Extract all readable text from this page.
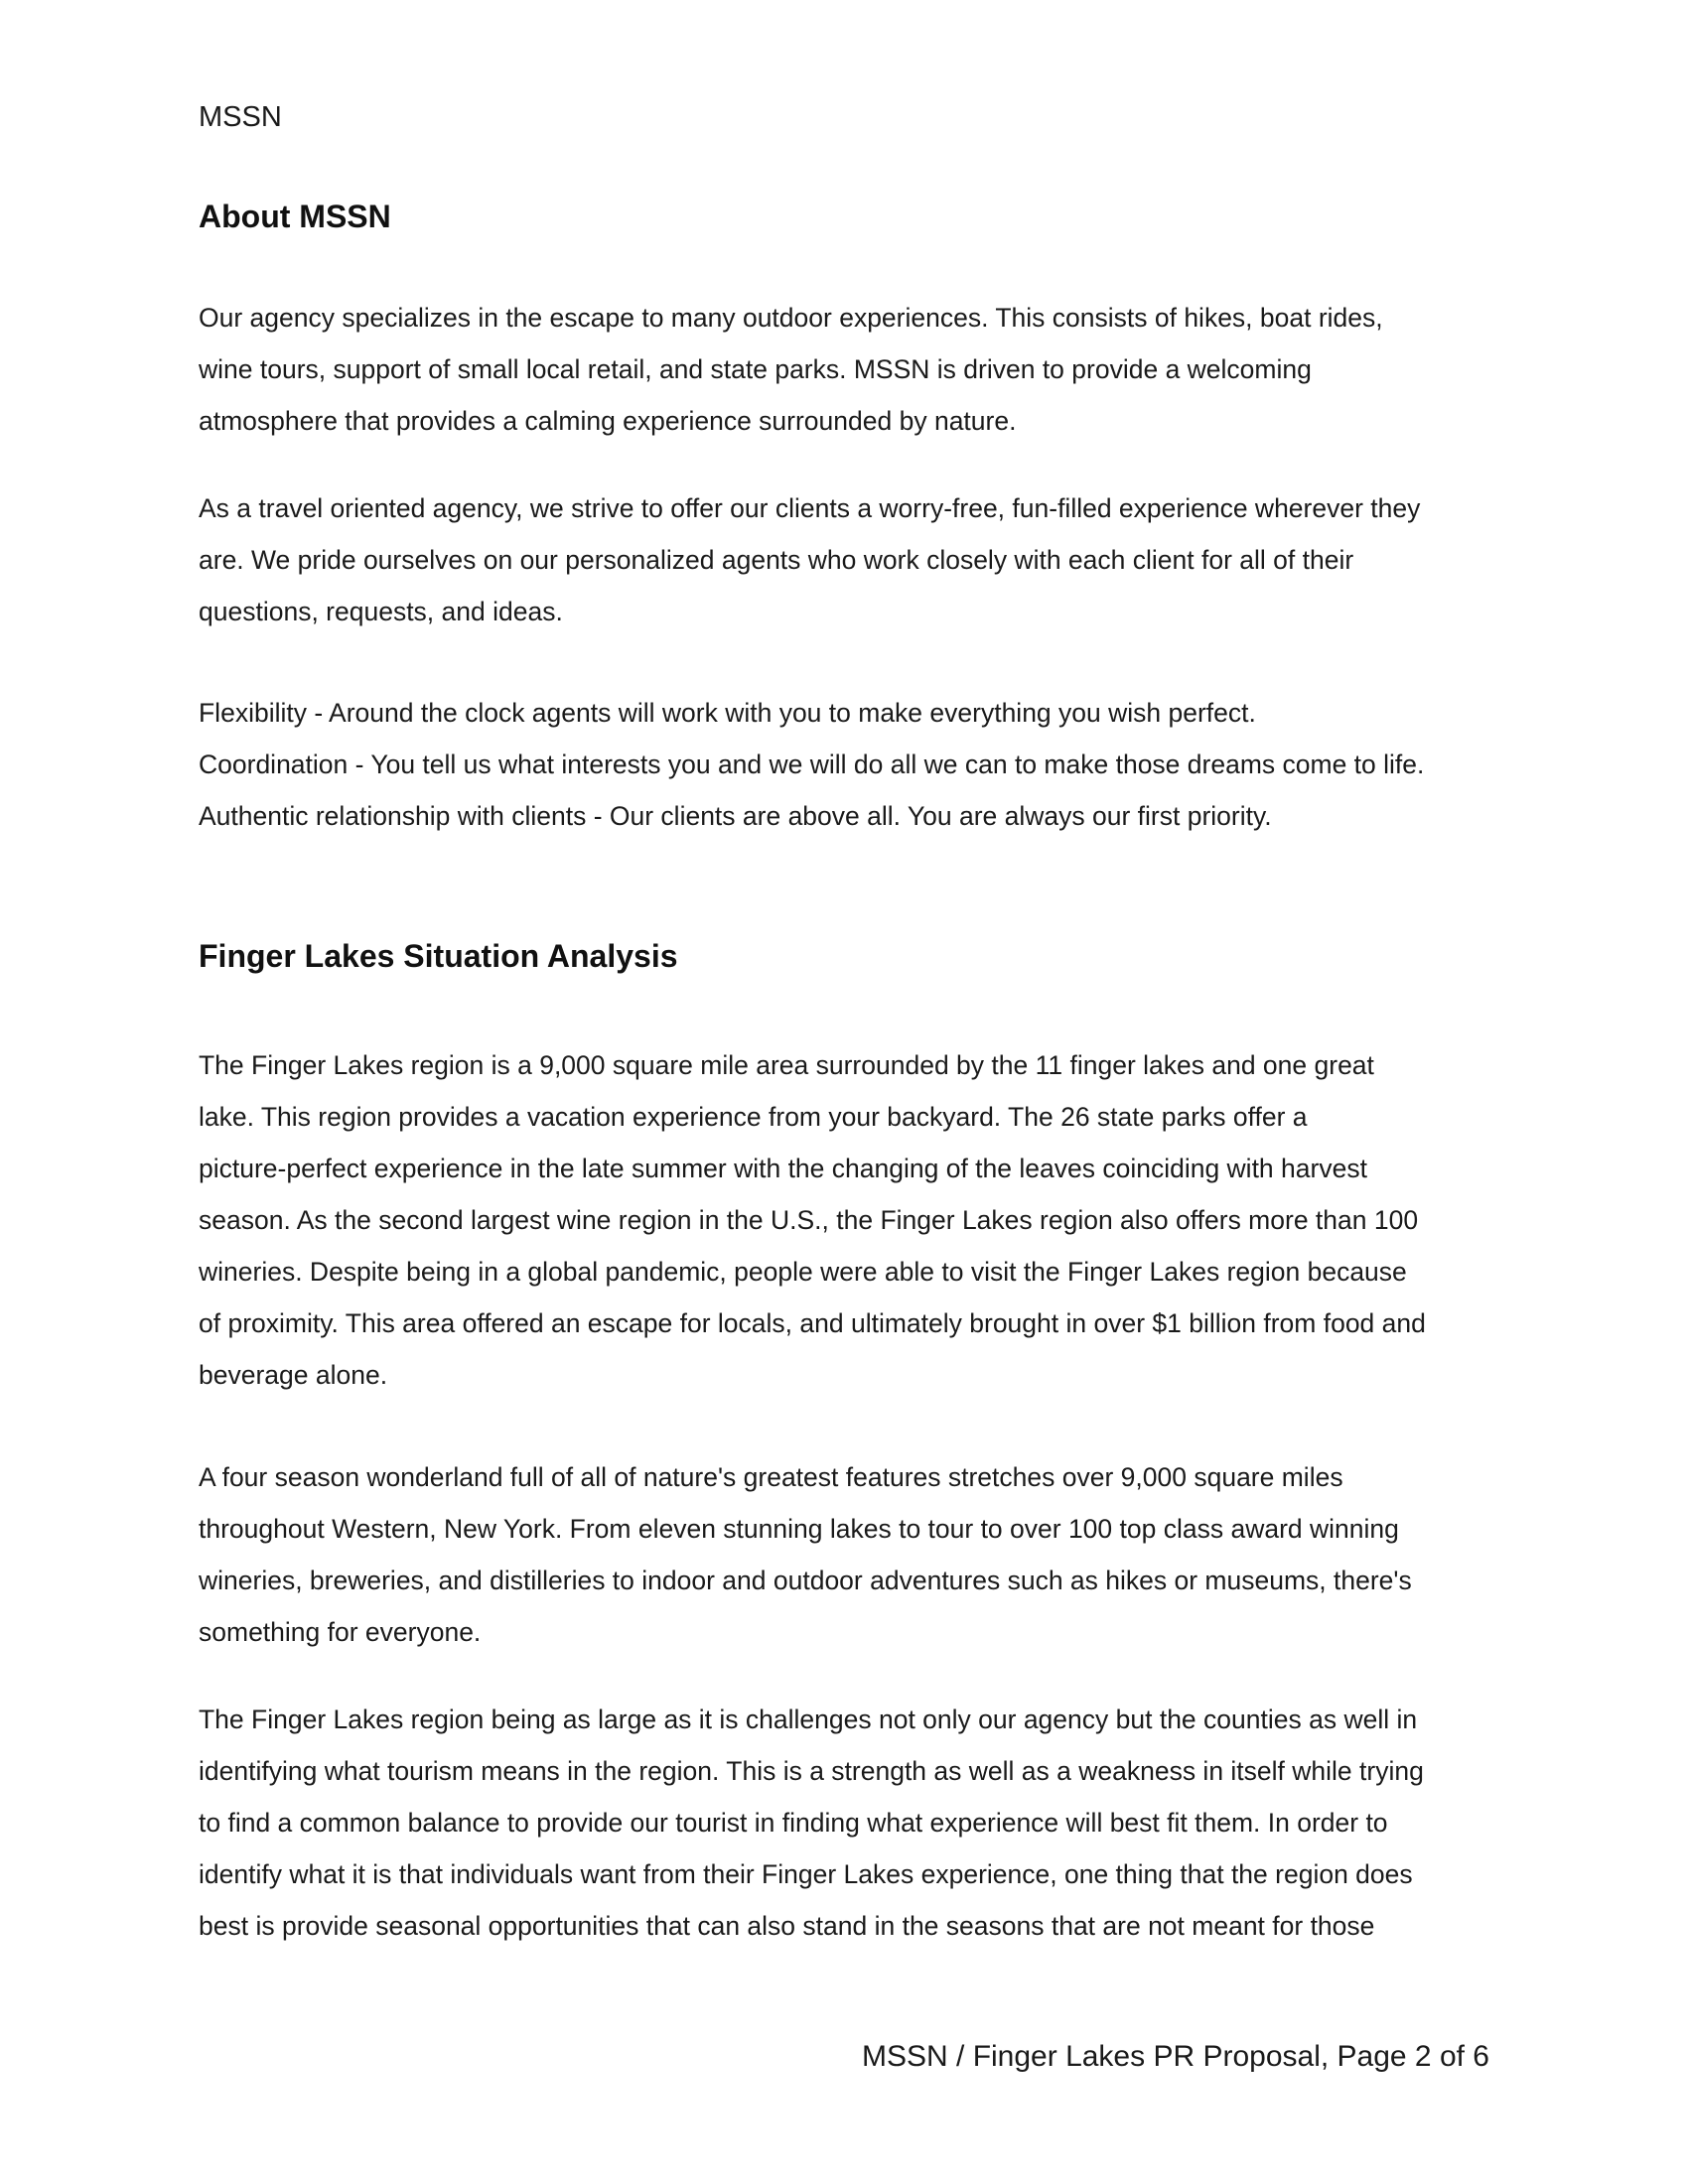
MSSN

About MSSN

Our agency specializes in the escape to many outdoor experiences. This consists of hikes, boat rides,
wine tours, support of small local retail, and state parks. MSSN is driven to provide a welcoming
atmosphere that provides a calming experience surrounded by nature.

As a travel oriented agency, we strive to offer our clients a worry-free, fun-filled experience wherever they
are. We pride ourselves on our personalized agents who work closely with each client for all of their
questions, requests, and ideas.

Flexibility - Around the clock agents will work with you to make everything you wish perfect.
Coordination - You tell us what interests you and we will do all we can to make those dreams come to life.
Authentic relationship with clients - Our clients are above all. You are always our first priority.

Finger Lakes Situation Analysis

The Finger Lakes region is a 9,000 square mile area surrounded by the 11 finger lakes and one great
lake. This region provides a vacation experience from your backyard. The 26 state parks offer a
picture-perfect experience in the late summer with the changing of the leaves coinciding with harvest
season. As the second largest wine region in the U.S., the Finger Lakes region also offers more than 100
wineries. Despite being in a global pandemic, people were able to visit the Finger Lakes region because
of proximity. This area offered an escape for locals, and ultimately brought in over $1 billion from food and
beverage alone.

A four season wonderland full of all of nature's greatest features stretches over 9,000 square miles
throughout Western, New York. From eleven stunning lakes to tour to over 100 top class award winning
wineries, breweries, and distilleries to indoor and outdoor adventures such as hikes or museums, there's
something for everyone.

The Finger Lakes region being as large as it is challenges not only our agency but the counties as well in
identifying what tourism means in the region. This is a strength as well as a weakness in itself while trying
to find a common balance to provide our tourist in finding what experience will best fit them. In order to
identify what it is that individuals want from their Finger Lakes experience, one thing that the region does
best is provide seasonal opportunities that can also stand in the seasons that are not meant for those

MSSN / Finger Lakes PR Proposal, Page 2 of 6
